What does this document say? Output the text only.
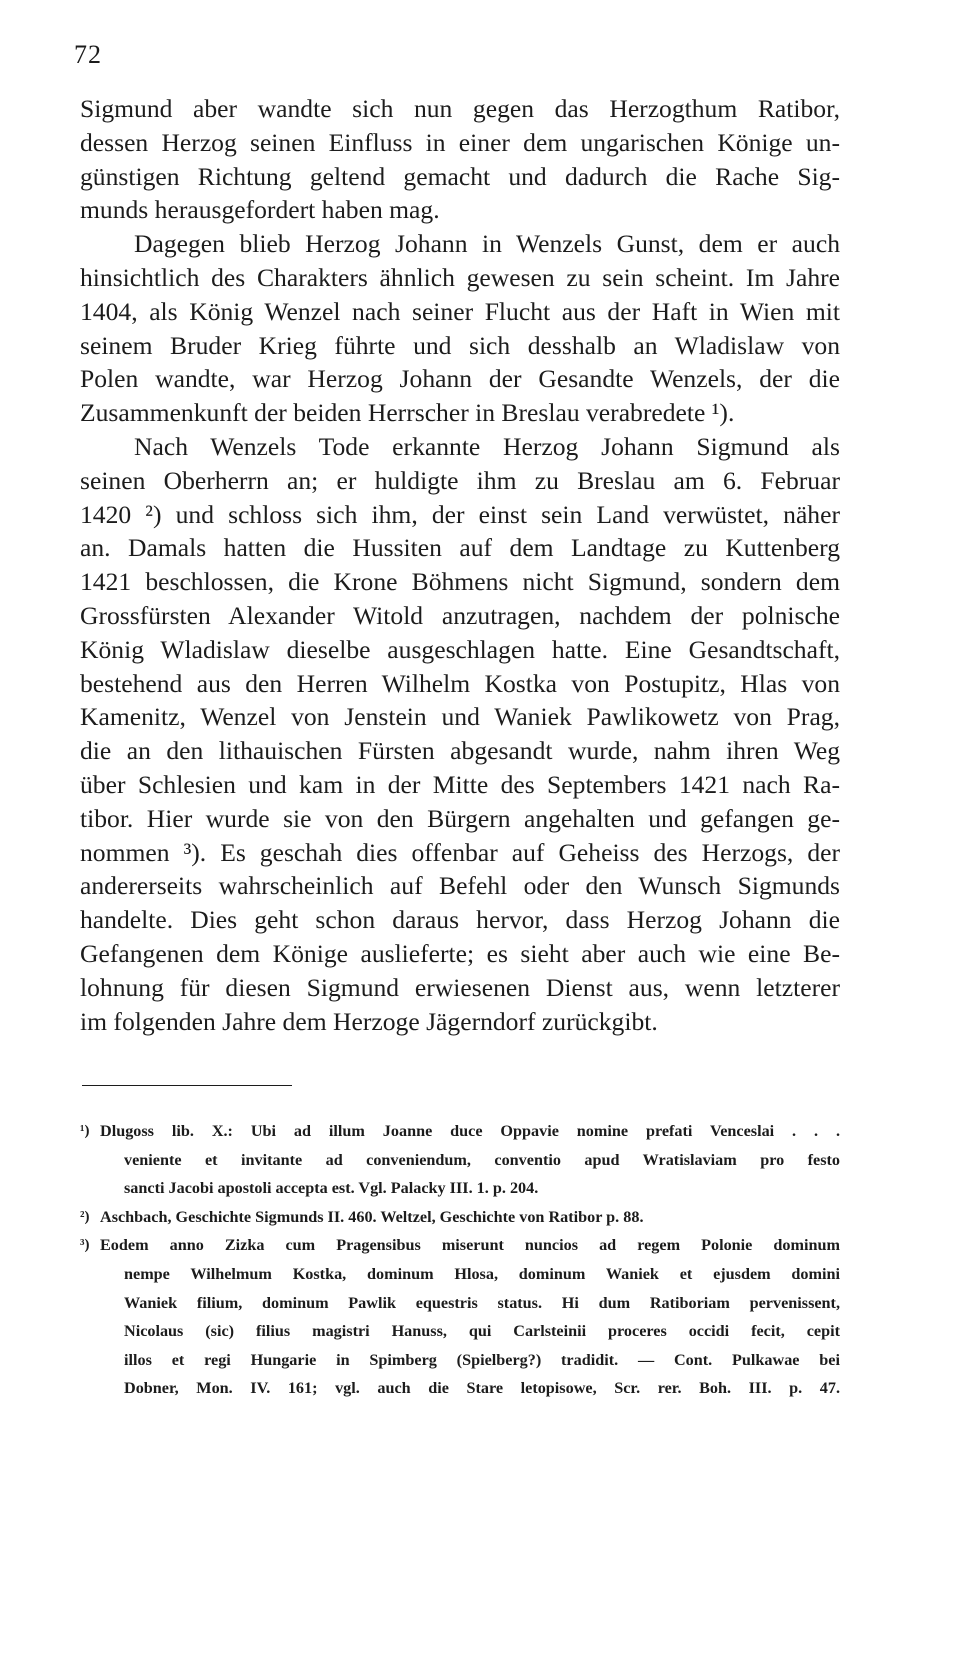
72
Sigmund aber wandte sich nun gegen das Herzogthum Ratibor,
dessen Herzog seinen Einfluss in einer dem ungarischen Könige un-
günstigen Richtung geltend gemacht und dadurch die Rache Sig-
munds herausgefordert haben mag.
Dagegen blieb Herzog Johann in Wenzels Gunst, dem er auch
hinsichtlich des Charakters ähnlich gewesen zu sein scheint. Im Jahre
1404, als König Wenzel nach seiner Flucht aus der Haft in Wien mit
seinem Bruder Krieg führte und sich desshalb an Wladislaw von
Polen wandte, war Herzog Johann der Gesandte Wenzels, der die
Zusammenkunft der beiden Herrscher in Breslau verabredete ¹).
Nach Wenzels Tode erkannte Herzog Johann Sigmund als
seinen Oberherrn an; er huldigte ihm zu Breslau am 6. Februar
1420 ²) und schloss sich ihm, der einst sein Land verwüstet, näher
an. Damals hatten die Hussiten auf dem Landtage zu Kuttenberg
1421 beschlossen, die Krone Böhmens nicht Sigmund, sondern dem
Grossfürsten Alexander Witold anzutragen, nachdem der polnische
König Wladislaw dieselbe ausgeschlagen hatte. Eine Gesandtschaft,
bestehend aus den Herren Wilhelm Kostka von Postupitz, Hlas von
Kamenitz, Wenzel von Jenstein und Waniek Pawlikowetz von Prag,
die an den lithauischen Fürsten abgesandt wurde, nahm ihren Weg
über Schlesien und kam in der Mitte des Septembers 1421 nach Ra-
tibor. Hier wurde sie von den Bürgern angehalten und gefangen ge-
nommen ³). Es geschah dies offenbar auf Geheiss des Herzogs, der
andererseits wahrscheinlich auf Befehl oder den Wunsch Sigmunds
handelte. Dies geht schon daraus hervor, dass Herzog Johann die
Gefangenen dem Könige auslieferte; es sieht aber auch wie eine Be-
lohnung für diesen Sigmund erwiesenen Dienst aus, wenn letzterer
im folgenden Jahre dem Herzoge Jägerndorf zurückgibt.
¹) Dlugoss lib. X.: Ubi ad illum Joanne duce Oppavie nomine prefati Venceslai . . .
veniente et invitante ad conveniendum, conventio apud Wratislaviam pro festo
sancti Jacobi apostoli accepta est. Vgl. Palacky III. 1. p. 204.
²) Aschbach, Geschichte Sigmunds II. 460. Weltzel, Geschichte von Ratibor p. 88.
³) Eodem anno Zizka cum Pragensibus miserunt nuncios ad regem Polonie dominum
nempe Wilhelmum Kostka, dominum Hlosa, dominum Waniek et ejusdem domini
Waniek filium, dominum Pawlik equestris status. Hi dum Ratiboriam pervenissent,
Nicolaus (sic) filius magistri Hanuss, qui Carlsteinii proceres occidi fecit, cepit
illos et regi Hungarie in Spimberg (Spielberg?) tradidit. — Cont. Pulkawae bei
Dobner, Mon. IV. 161; vgl. auch die Stare letopisowe, Scr. rer. Boh. III. p. 47.
